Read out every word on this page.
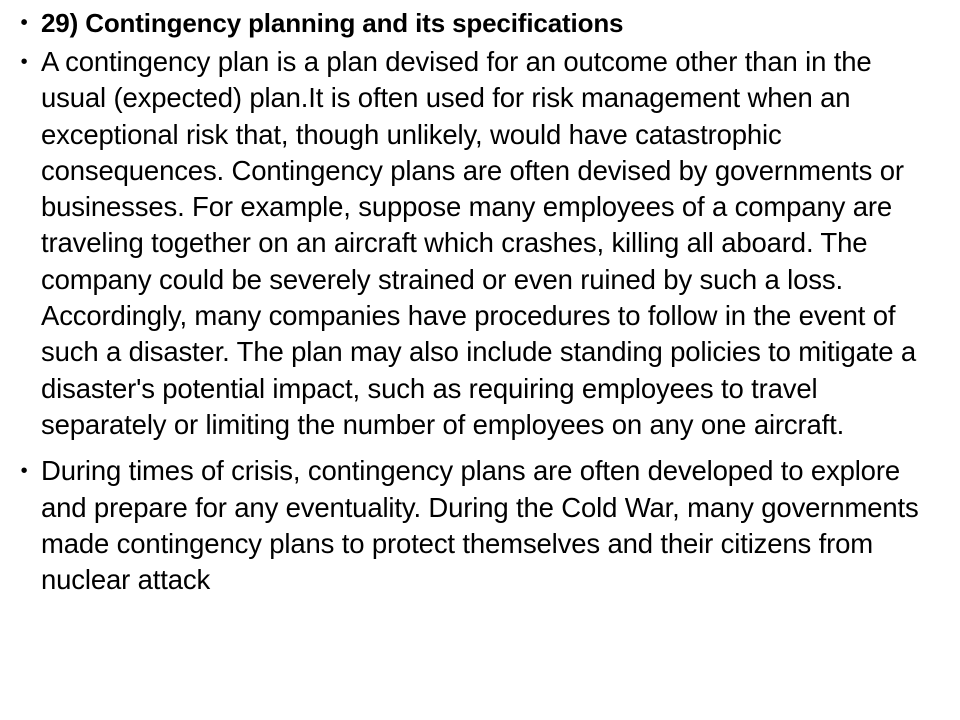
• 29) Contingency planning and its specifications
• A contingency plan is a plan devised for an outcome other than in the usual (expected) plan.It is often used for risk management when an exceptional risk that, though unlikely, would have catastrophic consequences. Contingency plans are often devised by governments or businesses. For example, suppose many employees of a company are traveling together on an aircraft which crashes, killing all aboard. The company could be severely strained or even ruined by such a loss. Accordingly, many companies have procedures to follow in the event of such a disaster. The plan may also include standing policies to mitigate a disaster's potential impact, such as requiring employees to travel separately or limiting the number of employees on any one aircraft.
• During times of crisis, contingency plans are often developed to explore and prepare for any eventuality. During the Cold War, many governments made contingency plans to protect themselves and their citizens from nuclear attack
